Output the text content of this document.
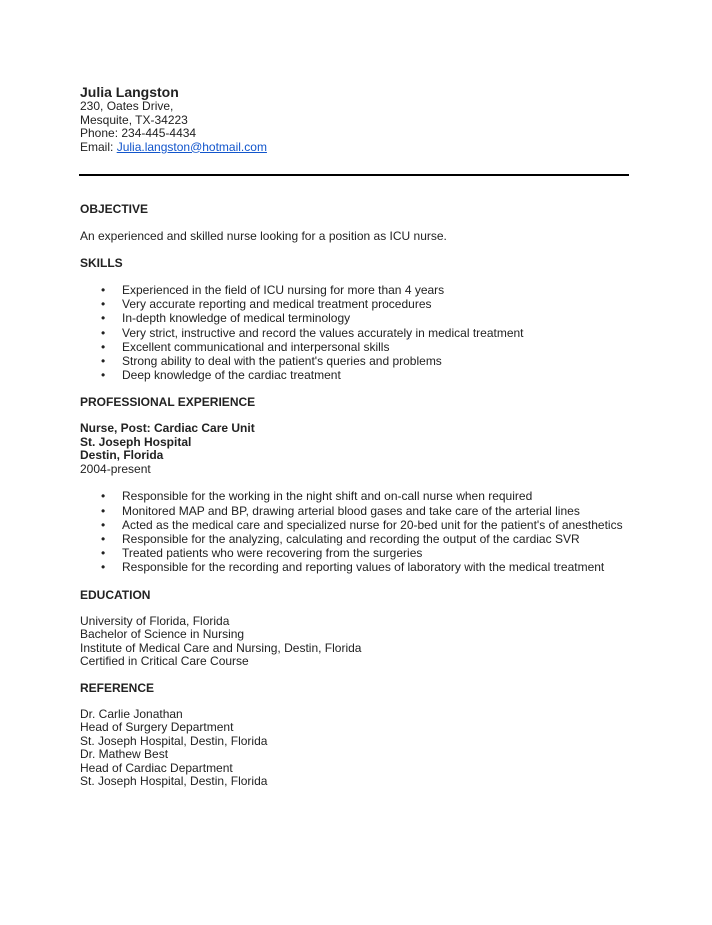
Julia Langston

230, Oates Drive,

Mesquite, TX-34223

Phone: 234-445-4434

Email: Julia.langston@hotmail.com

OBJECTIVE

An experienced and skilled nurse looking for a position as ICU nurse.

SKILLS

• Experienced in the field of ICU nursing for more than 4 years
• Very accurate reporting and medical treatment procedures
• In-depth knowledge of medical terminology
• Very strict, instructive and record the values accurately in medical treatment
• Excellent communicational and interpersonal skills
• Strong ability to deal with the patient's queries and problems
• Deep knowledge of the cardiac treatment

PROFESSIONAL EXPERIENCE

Nurse, Post: Cardiac Care Unit

St. Joseph Hospital

Destin, Florida

2004-present

• Responsible for the working in the night shift and on-call nurse when required
• Monitored MAP and BP, drawing arterial blood gases and take care of the arterial lines
• Acted as the medical care and specialized nurse for 20-bed unit for the patient's of anesthetics
• Responsible for the analyzing, calculating and recording the output of the cardiac SVR
• Treated patients who were recovering from the surgeries
• Responsible for the recording and reporting values of laboratory with the medical treatment

EDUCATION

University of Florida, Florida

Bachelor of Science in Nursing

Institute of Medical Care and Nursing, Destin, Florida

Certified in Critical Care Course

REFERENCE

Dr. Carlie Jonathan

Head of Surgery Department

St. Joseph Hospital, Destin, Florida

Dr. Mathew Best

Head of Cardiac Department

St. Joseph Hospital, Destin, Florida
